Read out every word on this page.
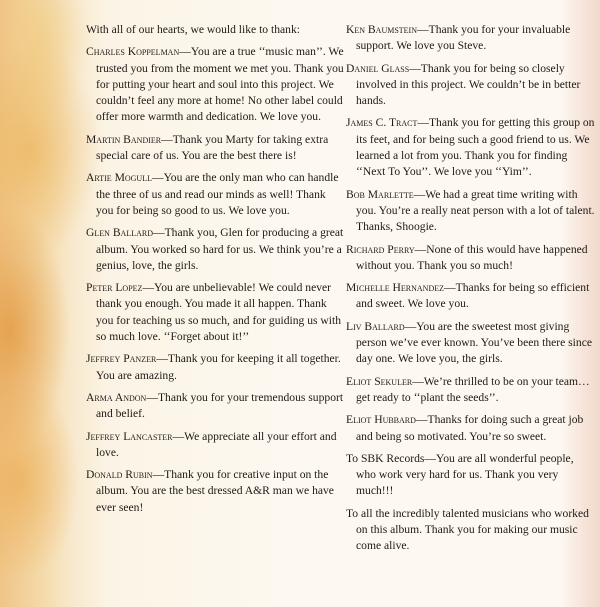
With all of our hearts, we would like to thank:

Charles Koppelman—You are a true ‘‘music man’’. We trusted you from the moment we met you. Thank you for putting your heart and soul into this project. We couldn’t feel any more at home! No other label could offer more warmth and dedication. We love you.

Martin Bandier—Thank you Marty for taking extra special care of us. You are the best there is!

Artie Mogull—You are the only man who can handle the three of us and read our minds as well! Thank you for being so good to us. We love you.

Glen Ballard—Thank you, Glen for producing a great album. You worked so hard for us. We think you’re a genius, love, the girls.

Peter Lopez—You are unbelievable! We could never thank you enough. You made it all happen. Thank you for teaching us so much, and for guiding us with so much love. ‘‘Forget about it!’’

Jeffrey Panzer—Thank you for keeping it all together. You are amazing.

Arma Andon—Thank you for your tremendous support and belief.

Jeffrey Lancaster—We appreciate all your effort and love.

Donald Rubin—Thank you for creative input on the album. You are the best dressed A&R man we have ever seen!

Ken Baumstein—Thank you for your invaluable support. We love you Steve.

Daniel Glass—Thank you for being so closely involved in this project. We couldn’t be in better hands.

James C. Tract—Thank you for getting this group on its feet, and for being such a good friend to us. We learned a lot from you. Thank you for finding ‘‘Next To You’’. We love you ‘‘Yim’’.

Bob Marlette—We had a great time writing with you. You’re a really neat person with a lot of talent. Thanks, Shoogie.

Richard Perry—None of this would have happened without you. Thank you so much!

Michelle Hernandez—Thanks for being so efficient and sweet. We love you.

Liv Ballard—You are the sweetest most giving person we’ve ever known. You’ve been there since day one. We love you, the girls.

Eliot Sekuler—We’re thrilled to be on your team…get ready to ‘‘plant the seeds’’.

Eliot Hubbard—Thanks for doing such a great job and being so motivated. You’re so sweet.

To SBK Records—You are all wonderful people, who work very hard for us. Thank you very much!!!

To all the incredibly talented musicians who worked on this album. Thank you for making our music come alive.
